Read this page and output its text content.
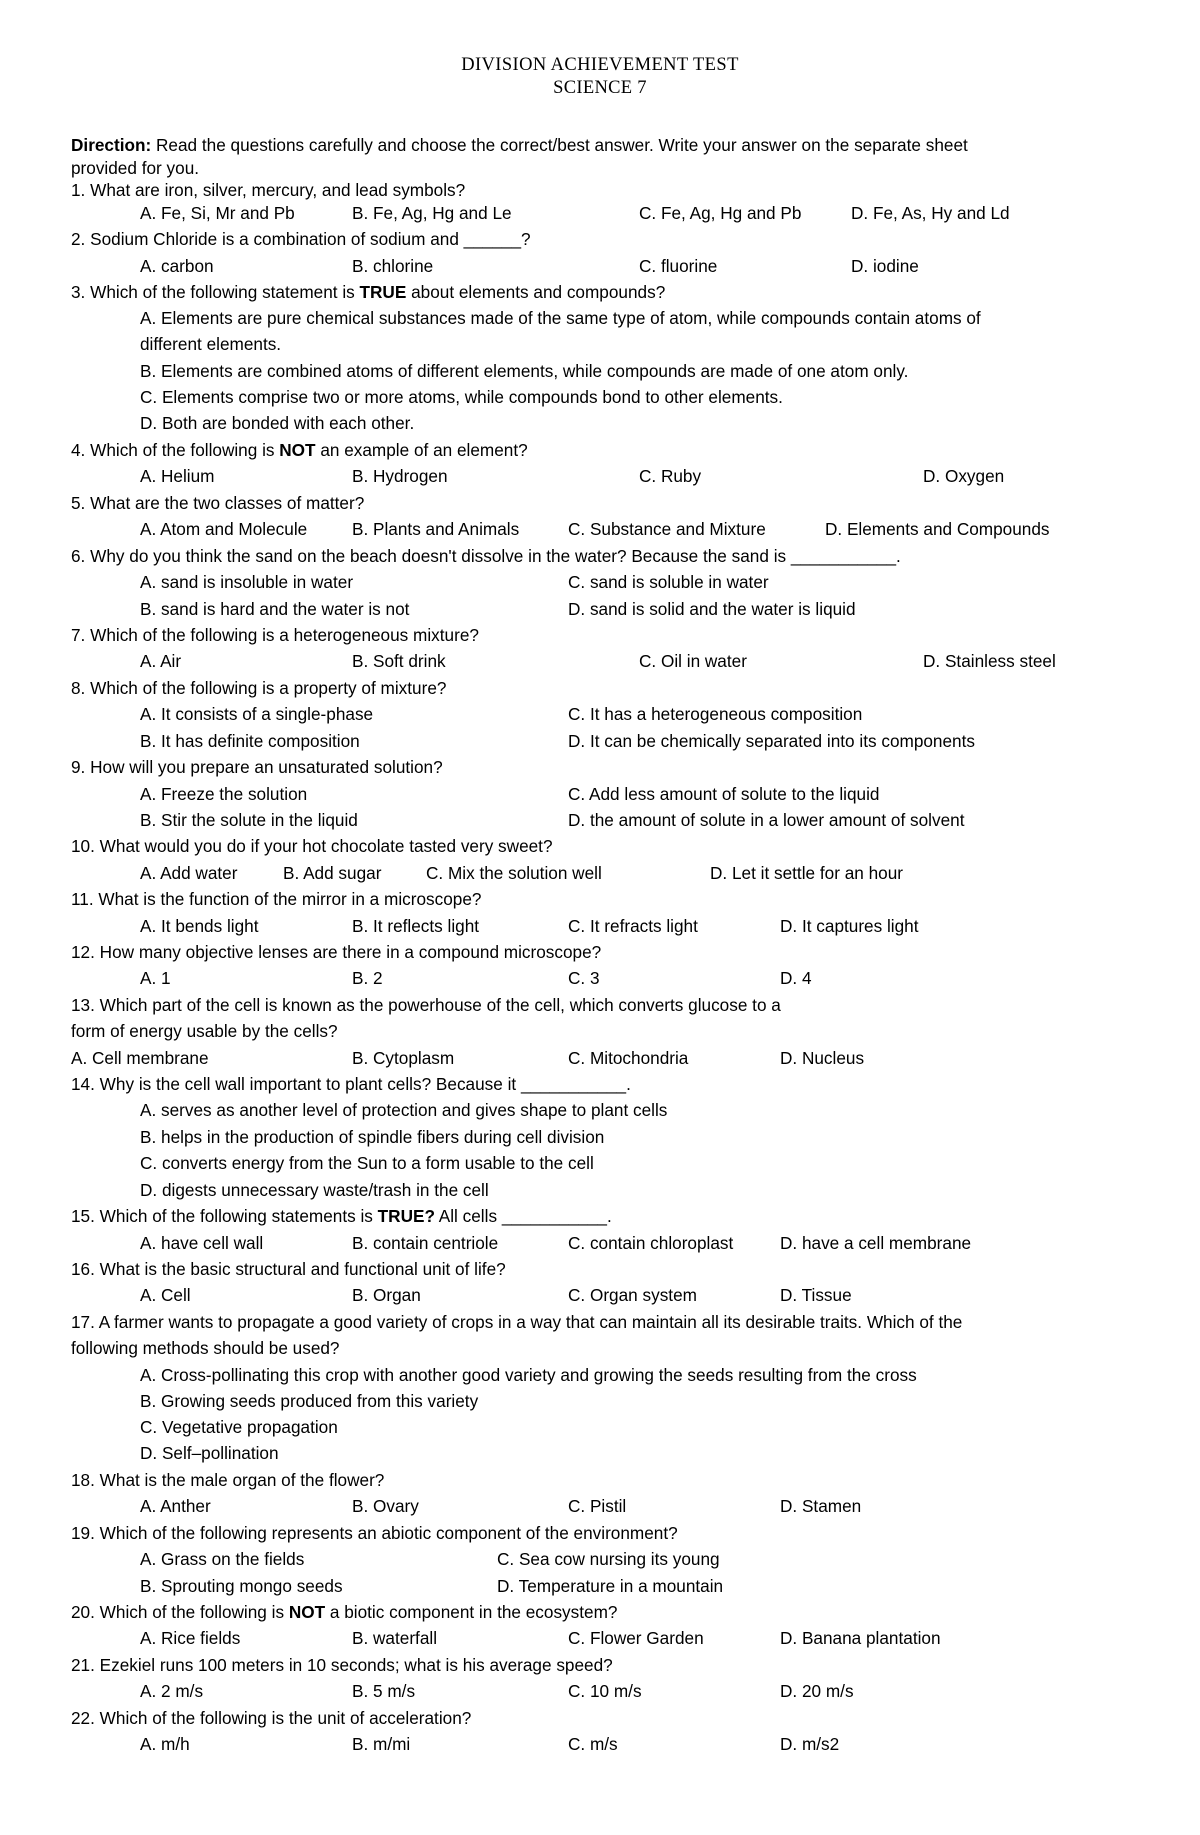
DIVISION ACHIEVEMENT TEST
SCIENCE 7
Direction: Read the questions carefully and choose the correct/best answer. Write your answer on the separate sheet
provided for you.
1. What are iron, silver, mercury, and lead symbols?
A. Fe, Si, Mr and Pb	B. Fe, Ag, Hg and Le	C. Fe, Ag, Hg and Pb	D. Fe, As, Hy and Ld
2. Sodium Chloride is a combination of sodium and ______?
A. carbon	B. chlorine	C. fluorine	D. iodine
3. Which of the following statement is TRUE about elements and compounds?
A. Elements are pure chemical substances made of the same type of atom, while compounds contain atoms of
different elements.
B. Elements are combined atoms of different elements, while compounds are made of one atom only.
C. Elements comprise two or more atoms, while compounds bond to other elements.
D. Both are bonded with each other.
4. Which of the following is NOT an example of an element?
A. Helium	B. Hydrogen	C. Ruby	D. Oxygen
5. What are the two classes of matter?
A. Atom and Molecule	B. Plants and Animals	C. Substance and Mixture	D. Elements and Compounds
6. Why do you think the sand on the beach doesn't dissolve in the water? Because the sand is ___________.
A. sand is insoluble in water	C. sand is soluble in water
B. sand is hard and the water is not	D. sand is solid and the water is liquid
7. Which of the following is a heterogeneous mixture?
A. Air	B. Soft drink	C. Oil in water	D. Stainless steel
8. Which of the following is a property of mixture?
A. It consists of a single-phase	C. It has a heterogeneous composition
B. It has definite composition	D. It can be chemically separated into its components
9. How will you prepare an unsaturated solution?
A. Freeze the solution	C. Add less amount of solute to the liquid
B. Stir the solute in the liquid	D. the amount of solute in a lower amount of solvent
10. What would you do if your hot chocolate tasted very sweet?
A. Add water	B. Add sugar	C. Mix the solution well	D. Let it settle for an hour
11. What is the function of the mirror in a microscope?
A. It bends light	B. It reflects light	C. It refracts light	D. It captures light
12. How many objective lenses are there in a compound microscope?
A. 1	B. 2	C. 3	D. 4
13. Which part of the cell is known as the powerhouse of the cell, which converts glucose to a
form of energy usable by the cells?
A. Cell membrane	B. Cytoplasm	C. Mitochondria	D. Nucleus
14. Why is the cell wall important to plant cells? Because it ___________.
A. serves as another level of protection and gives shape to plant cells
B. helps in the production of spindle fibers during cell division
C. converts energy from the Sun to a form usable to the cell
D. digests unnecessary waste/trash in the cell
15. Which of the following statements is TRUE? All cells ___________.
A. have cell wall	B. contain centriole	C. contain chloroplast	D. have a cell membrane
16. What is the basic structural and functional unit of life?
A. Cell	B. Organ	C. Organ system	D. Tissue
17. A farmer wants to propagate a good variety of crops in a way that can maintain all its desirable traits. Which of the
following methods should be used?
A. Cross-pollinating this crop with another good variety and growing the seeds resulting from the cross
B. Growing seeds produced from this variety
C. Vegetative propagation
D. Self–pollination
18. What is the male organ of the flower?
A. Anther	B. Ovary	C. Pistil	D. Stamen
19. Which of the following represents an abiotic component of the environment?
A. Grass on the fields	C. Sea cow nursing its young
B. Sprouting mongo seeds	D. Temperature in a mountain
20. Which of the following is NOT a biotic component in the ecosystem?
A. Rice fields	B. waterfall	C. Flower Garden	D. Banana plantation
21. Ezekiel runs 100 meters in 10 seconds; what is his average speed?
A. 2 m/s	B. 5 m/s	C. 10 m/s	D. 20 m/s
22. Which of the following is the unit of acceleration?
A. m/h	B. m/mi	C. m/s	D. m/s2
